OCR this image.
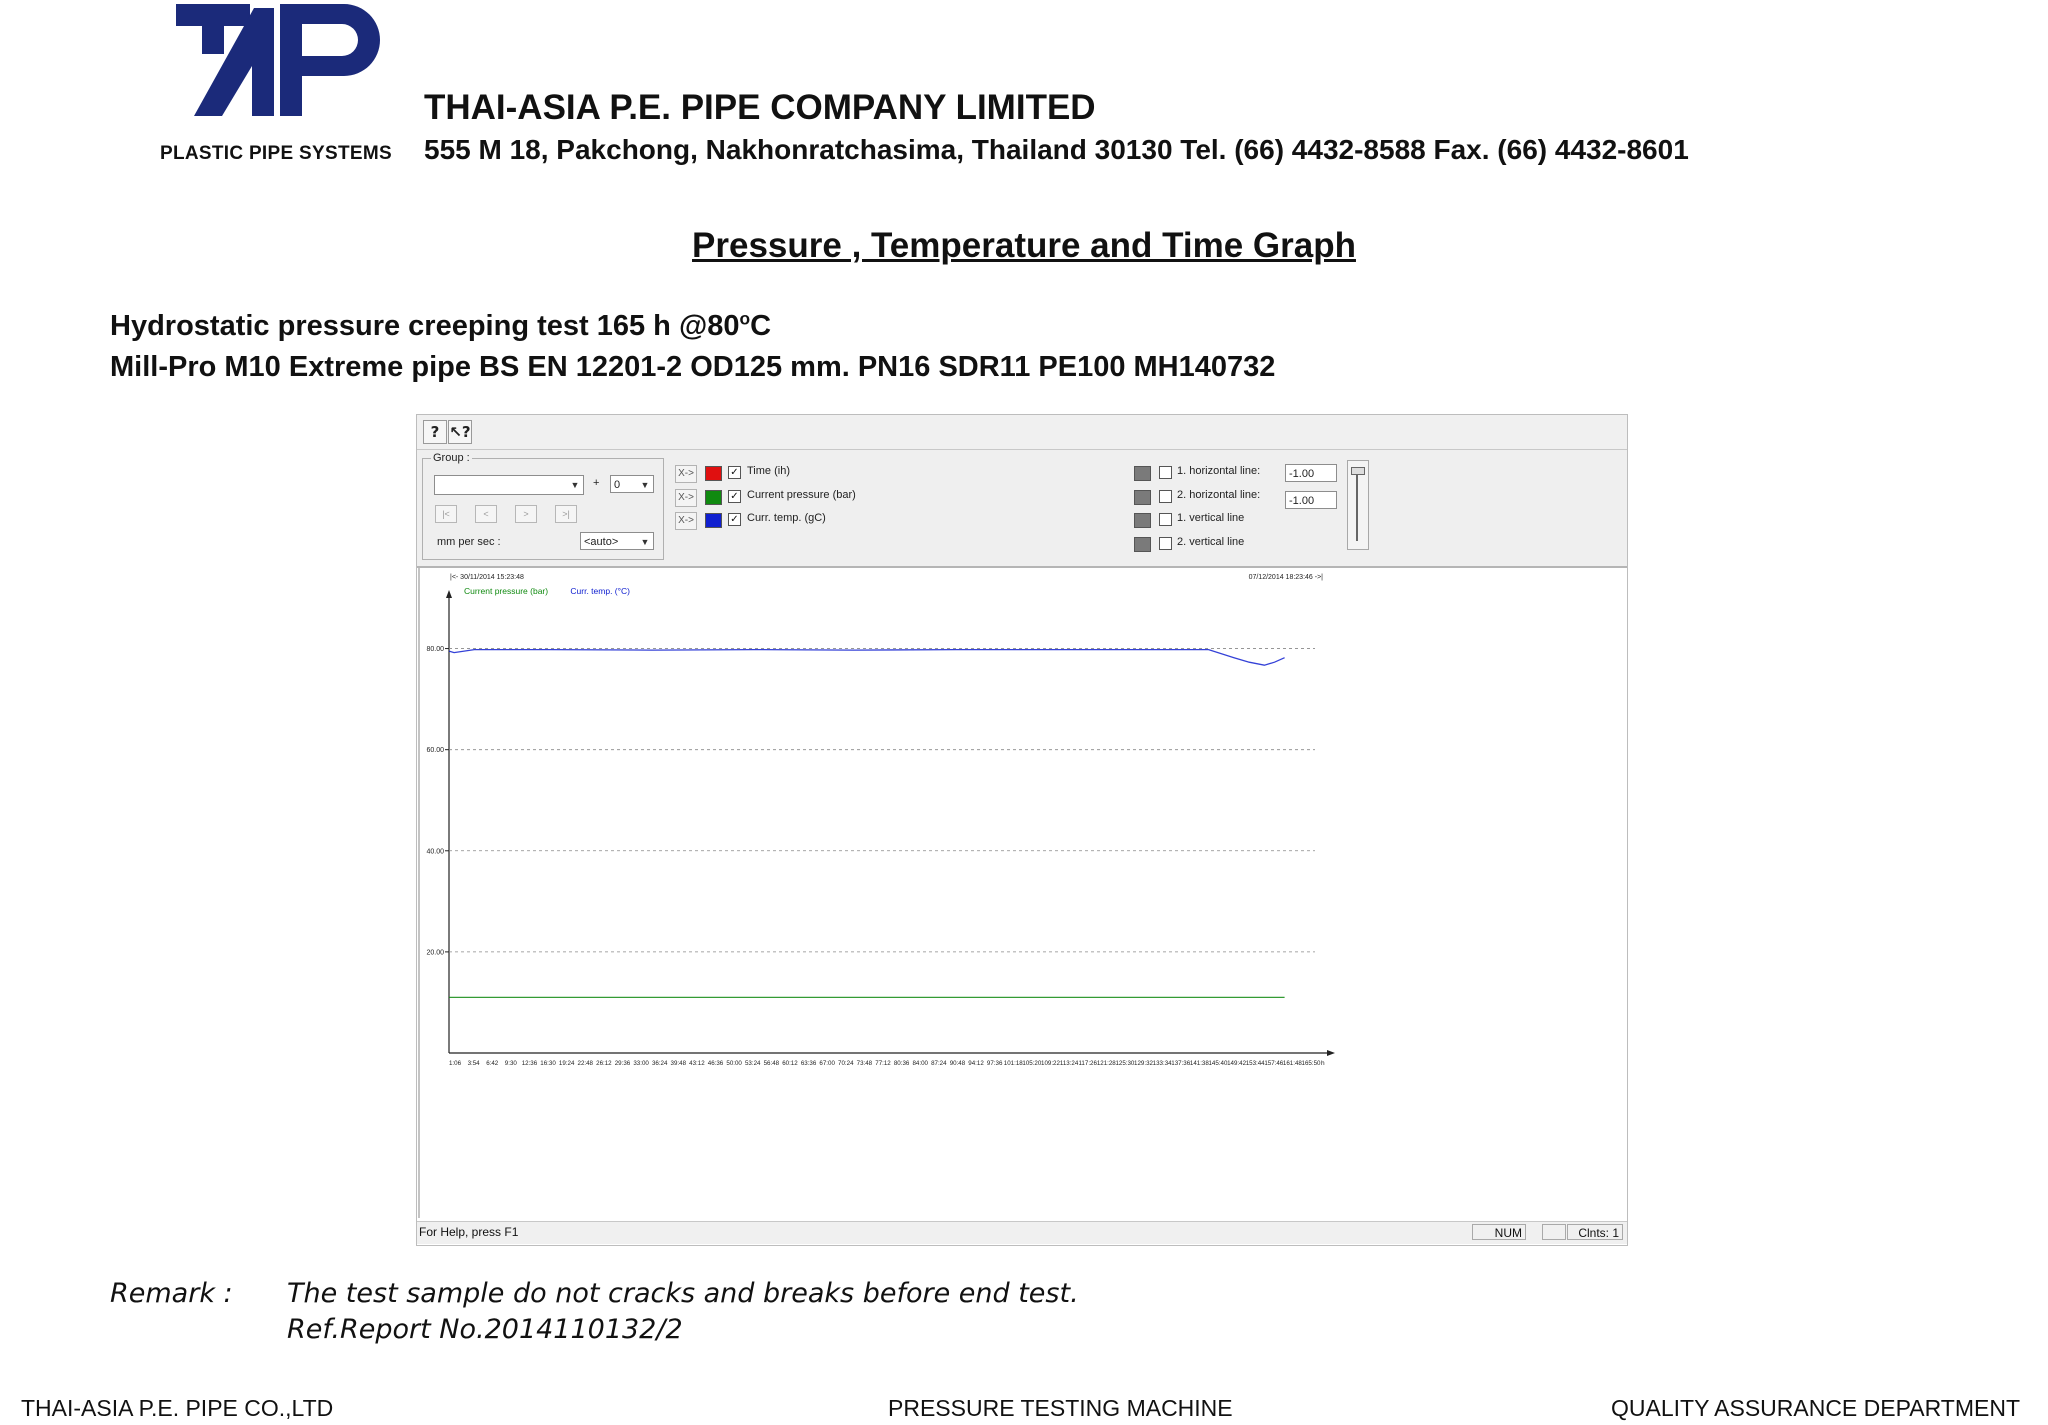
PLASTIC PIPE SYSTEMS
THAI-ASIA P.E. PIPE COMPANY LIMITED
555 M 18, Pakchong, Nakhonratchasima, Thailand 30130 Tel. (66) 4432-8588 Fax. (66) 4432-8601
Pressure , Temperature and Time Graph
Hydrostatic pressure creeping test 165 h @80$^o$C
Mill-Pro M10 Extreme pipe BS EN 12201-2 OD125 mm. PN16 SDR11 PE100 MH140732
? ↖?
Group :
▼ +	0 ▼
|<	<	>	>|
mm per sec :	<auto> ▼
X->	✓ Time (ih)
X->	✓ Current pressure (bar)
X->	✓ Curr. temp. (gC)
1. horizontal line:	-1.00
2. horizontal line:	-1.00
1. vertical line
2. vertical line
20.00
40.00
60.00
80.00
1:06 3:54 6:42 9:30 12:36 16:30 19:24 22:48 26:12 29:36 33:00 36:24 39:48 43:12 46:36 50:00 53:24 56:48 60:12 63:36 67:00 70:24 73:48 77:12 80:36 84:00 87:24 90:48 94:12 97:36 101:18 105:20 109:22 113:24 117:26 121:28 125:30 129:32 133:34 137:36 141:38 145:40 149:42 153:44 157:46 161:48 165:50 h
|<- 30/11/2014 15:23:48	07/12/2014 18:23:46 ->|
Current pressure (bar)	Curr. temp. (°C)
For Help, press F1	NUM	Clnts: 1
Remark : The test sample do not cracks and breaks before end test.
Ref.Report No.2014110132/2
THAI-ASIA P.E. PIPE CO.,LTD	PRESSURE TESTING MACHINE	QUALITY ASSURANCE DEPARTMENT
